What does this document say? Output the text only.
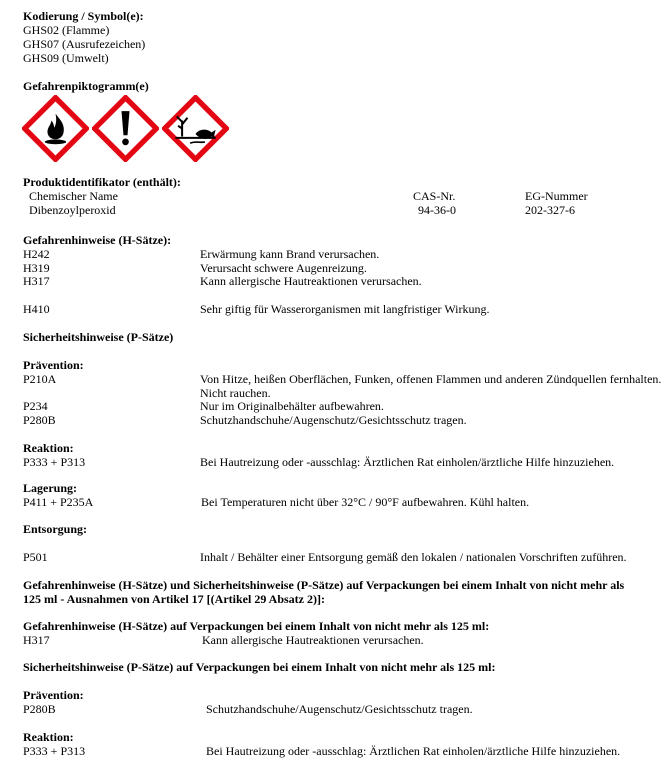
Kodierung / Symbol(e):
GHS02 (Flamme)
GHS07 (Ausrufezeichen)
GHS09 (Umwelt)
Gefahrenpiktogramm(e)
Produktidentifikator (enthält):
Chemischer Name	CAS-Nr.	EG-Nummer
Dibenzoylperoxid	94-36-0	202-327-6
Gefahrenhinweise (H-Sätze):
H242	Erwärmung kann Brand verursachen.
H319	Verursacht schwere Augenreizung.
H317	Kann allergische Hautreaktionen verursachen.
H410	Sehr giftig für Wasserorganismen mit langfristiger Wirkung.
Sicherheitshinweise (P-Sätze)
Prävention:
P210A	Von Hitze, heißen Oberflächen, Funken, offenen Flammen und anderen Zündquellen fernhalten. Nicht rauchen.
P234	Nur im Originalbehälter aufbewahren.
P280B	Schutzhandschuhe/Augenschutz/Gesichtsschutz tragen.
Reaktion:
P333 + P313	Bei Hautreizung oder -ausschlag: Ärztlichen Rat einholen/ärztliche Hilfe hinzuziehen.
Lagerung:
P411 + P235A	Bei Temperaturen nicht über 32°C / 90°F aufbewahren. Kühl halten.
Entsorgung:
P501	Inhalt / Behälter einer Entsorgung gemäß den lokalen / nationalen Vorschriften zuführen.
Gefahrenhinweise (H-Sätze) und Sicherheitshinweise (P-Sätze) auf Verpackungen bei einem Inhalt von nicht mehr als
125 ml - Ausnahmen von Artikel 17 [(Artikel 29 Absatz 2)]:
Gefahrenhinweise (H-Sätze) auf Verpackungen bei einem Inhalt von nicht mehr als 125 ml:
H317	Kann allergische Hautreaktionen verursachen.
Sicherheitshinweise (P-Sätze) auf Verpackungen bei einem Inhalt von nicht mehr als 125 ml:
Prävention:
P280B	Schutzhandschuhe/Augenschutz/Gesichtsschutz tragen.
Reaktion:
P333 + P313	Bei Hautreizung oder -ausschlag: Ärztlichen Rat einholen/ärztliche Hilfe hinzuziehen.
